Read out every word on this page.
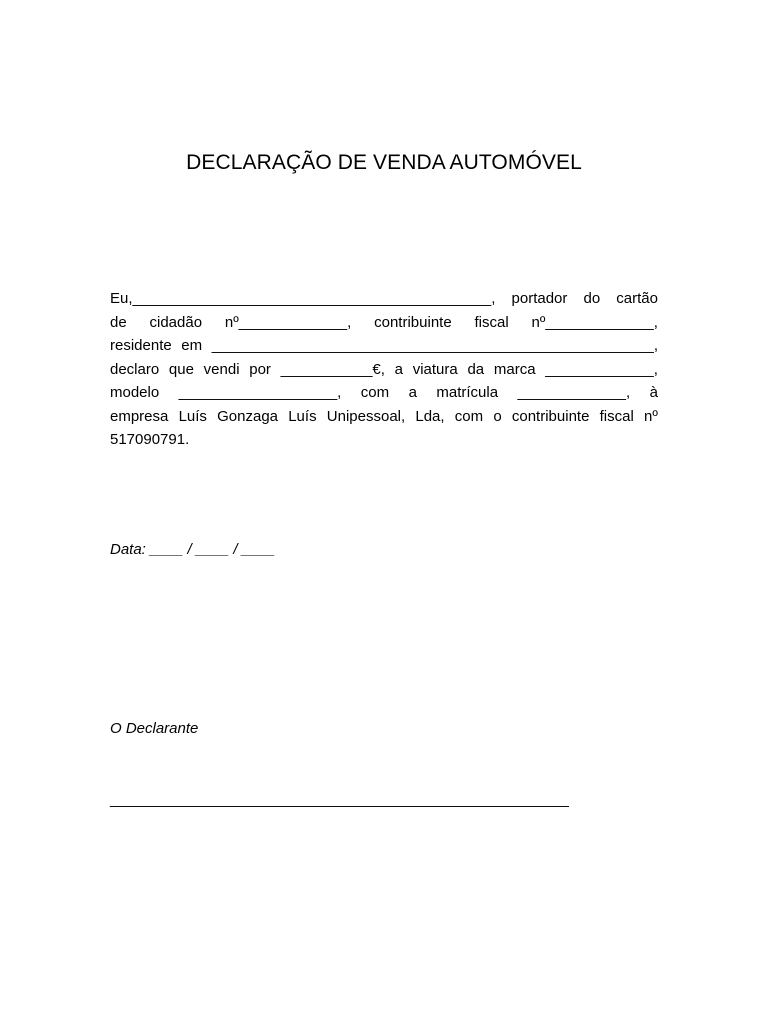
DECLARAÇÃO DE VENDA AUTOMÓVEL
Eu,___________________________________________, portador do cartão
de cidadão nº_____________, contribuinte fiscal nº_____________,
residente em _____________________________________________________,
declaro que vendi por ___________€, a viatura da marca _____________,
modelo ___________________, com a matrícula _____________, à
empresa Luís Gonzaga Luís Unipessoal, Lda, com o contribuinte fiscal nº
517090791.
Data: ____ / ____ / ____
O Declarante
_______________________________________________________
